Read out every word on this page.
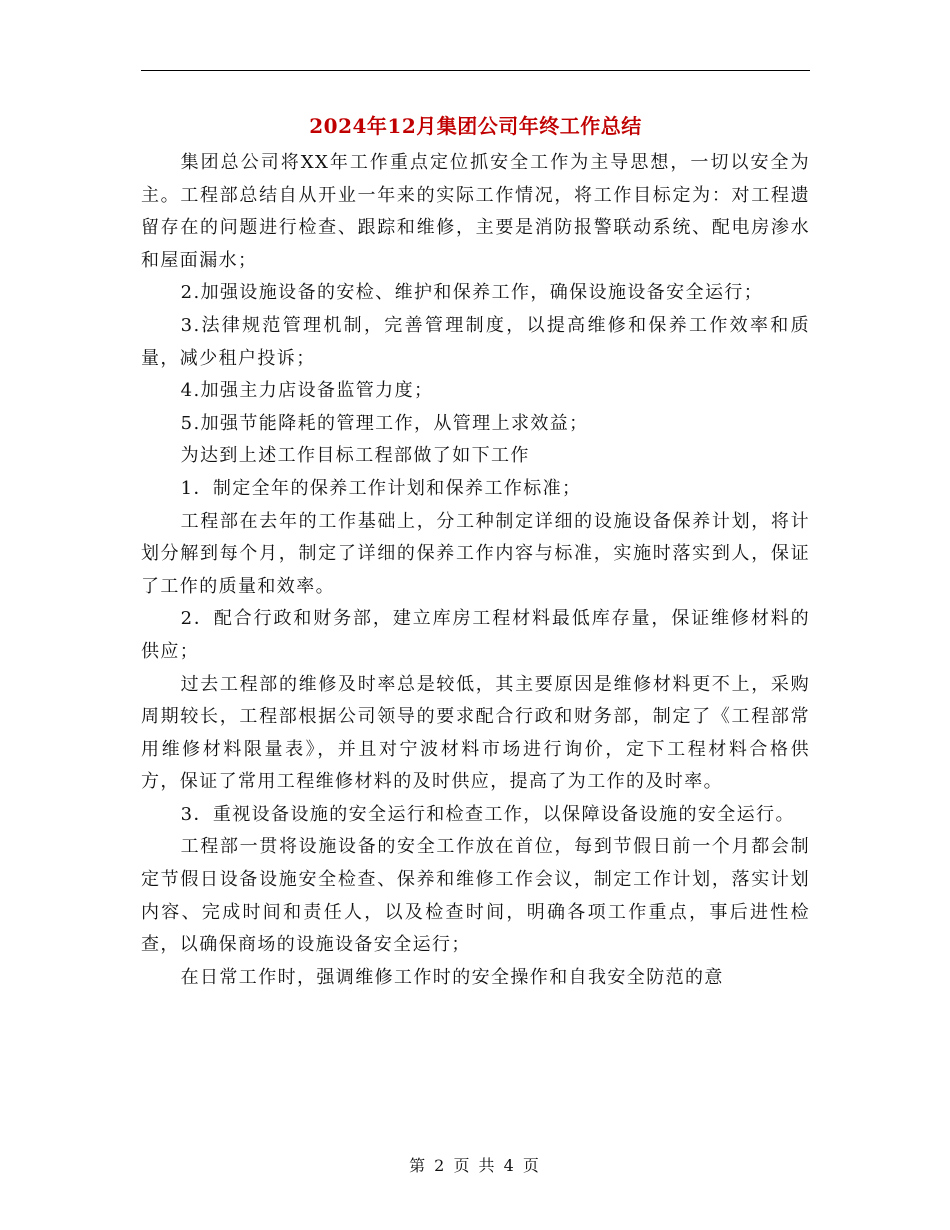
2024年12月集团公司年终工作总结

集团总公司将XX年工作重点定位抓安全工作为主导思想，一切以安全为主。工程部总结自从开业一年来的实际工作情况，将工作目标定为：对工程遗留存在的问题进行检查、跟踪和维修，主要是消防报警联动系统、配电房渗水和屋面漏水；

2.加强设施设备的安检、维护和保养工作，确保设施设备安全运行；

3.法律规范管理机制，完善管理制度，以提高维修和保养工作效率和质量，减少租户投诉；

4.加强主力店设备监管力度；

5.加强节能降耗的管理工作，从管理上求效益；

为达到上述工作目标工程部做了如下工作

1．制定全年的保养工作计划和保养工作标准；

工程部在去年的工作基础上，分工种制定详细的设施设备保养计划，将计划分解到每个月，制定了详细的保养工作内容与标准，实施时落实到人，保证了工作的质量和效率。

2．配合行政和财务部，建立库房工程材料最低库存量，保证维修材料的供应；

过去工程部的维修及时率总是较低，其主要原因是维修材料更不上，采购周期较长，工程部根据公司领导的要求配合行政和财务部，制定了《工程部常用维修材料限量表》，并且对宁波材料市场进行询价，定下工程材料合格供方，保证了常用工程维修材料的及时供应，提高了为工作的及时率。

3．重视设备设施的安全运行和检查工作，以保障设备设施的安全运行。

工程部一贯将设施设备的安全工作放在首位，每到节假日前一个月都会制定节假日设备设施安全检查、保养和维修工作会议，制定工作计划，落实计划内容、完成时间和责任人，以及检查时间，明确各项工作重点，事后进性检查，以确保商场的设施设备安全运行；

在日常工作时，强调维修工作时的安全操作和自我安全防范的意

第 2 页 共 4 页
